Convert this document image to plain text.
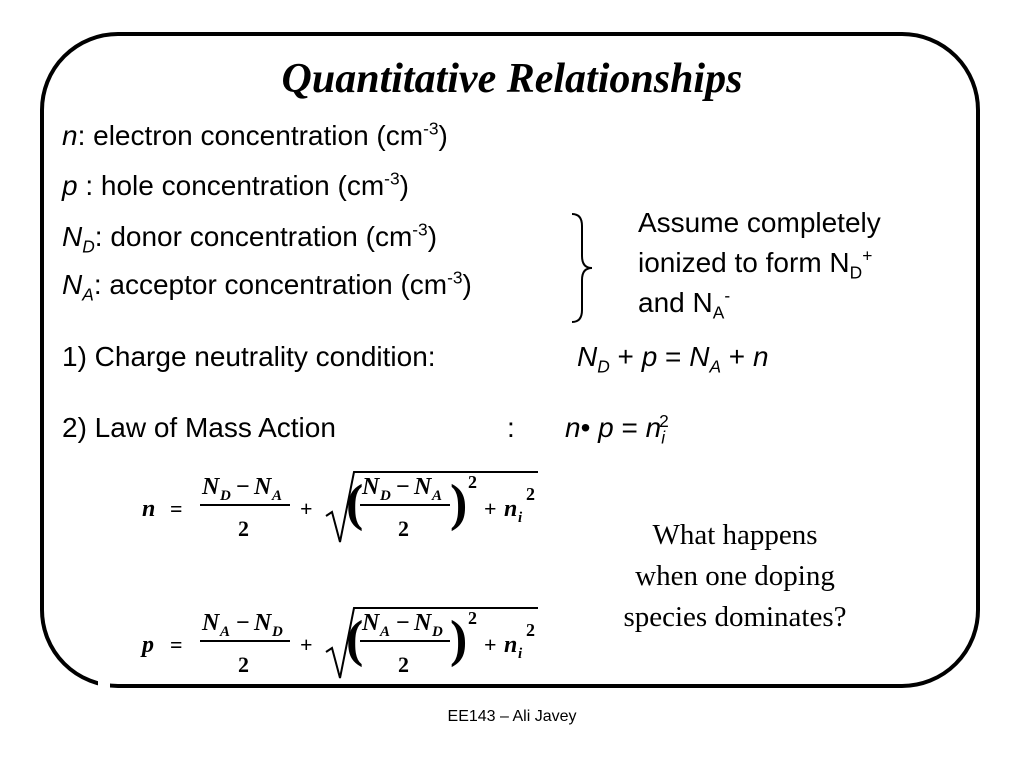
Quantitative Relationships
n: electron concentration $(cm^{-3})$
p : hole concentration $(cm^{-3})$
$N_D$: donor concentration $(cm^{-3})$
$N_A$: acceptor concentration $(cm^{-3})$
Assume completely
ionized to form $N_D^+$
and $N_A^-$
1) Charge neutrality condition:	$N_D + p = N_A + n$
2) Law of Mass Action	: n• $p = n_i^2$
n =
N D − N A
2
+ (
N D − N A
2 ) 2
+ n i
2
p =
N A − N D
2
+ (
N A − N D
2 ) 2
+ n i
2
What happens
when one doping
species dominates?
EE143 – Ali Javey
